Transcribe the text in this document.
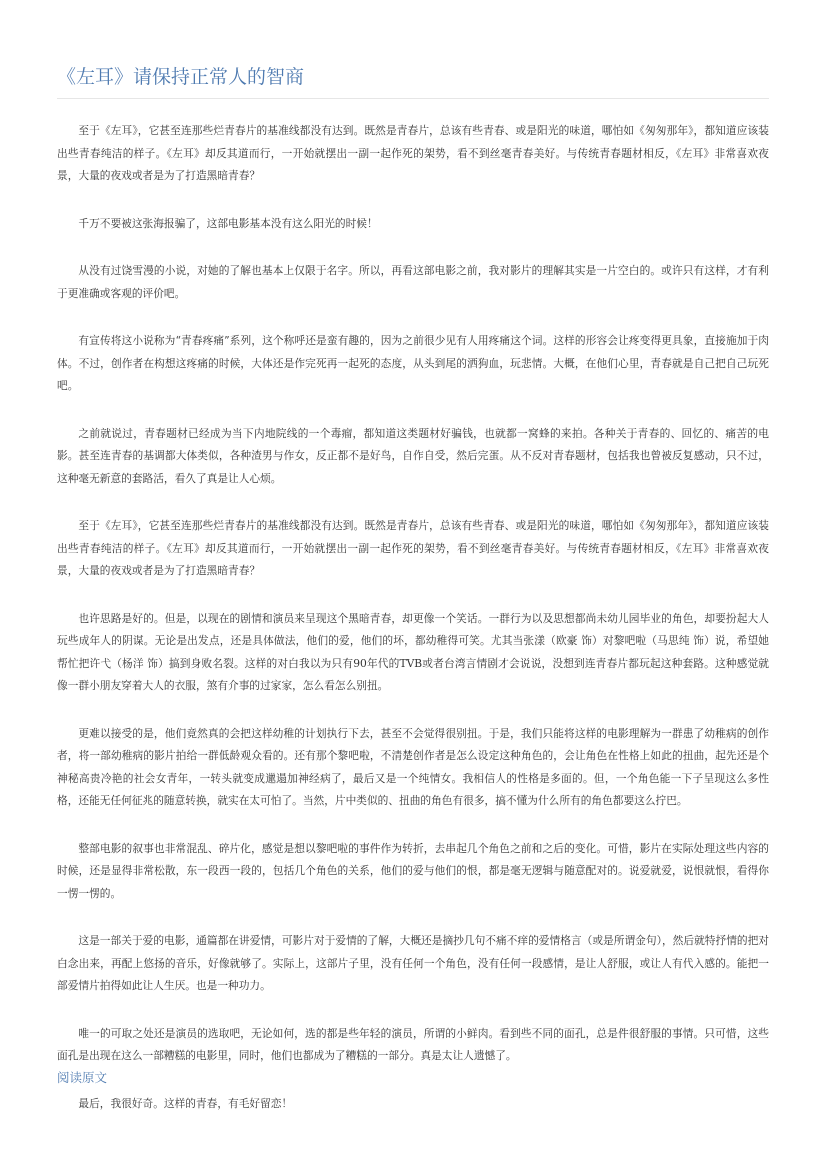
《左耳》请保持正常人的智商

至于《左耳》，它甚至连那些烂青春片的基准线都没有达到。既然是青春片，总该有些青春、或是阳光的味道，哪怕如《匆匆那年》，都知道应该装出些青春纯洁的样子。《左耳》却反其道而行，一开始就摆出一副一起作死的架势，看不到丝毫青春美好。与传统青春题材相反，《左耳》非常喜欢夜景，大量的夜戏或者是为了打造黑暗青春？

千万不要被这张海报骗了，这部电影基本没有这么阳光的时候！

从没有过饶雪漫的小说，对她的了解也基本上仅限于名字。所以，再看这部电影之前，我对影片的理解其实是一片空白的。或许只有这样，才有利于更准确或客观的评价吧。

有宣传将这小说称为“青春疼痛”系列，这个称呼还是蛮有趣的，因为之前很少见有人用疼痛这个词。这样的形容会让疼变得更具象，直接施加于肉体。不过，创作者在构想这疼痛的时候，大体还是作完死再一起死的态度，从头到尾的洒狗血，玩悲情。大概，在他们心里，青春就是自己把自己玩死吧。

之前就说过，青春题材已经成为当下内地院线的一个毒瘤，都知道这类题材好骗钱，也就都一窝蜂的来拍。各种关于青春的、回忆的、痛苦的电影。甚至连青春的基调都大体类似，各种渣男与作女，反正都不是好鸟，自作自受，然后完蛋。从不反对青春题材，包括我也曾被反复感动，只不过，这种毫无新意的套路活，看久了真是让人心烦。

至于《左耳》，它甚至连那些烂青春片的基准线都没有达到。既然是青春片，总该有些青春、或是阳光的味道，哪怕如《匆匆那年》，都知道应该装出些青春纯洁的样子。《左耳》却反其道而行，一开始就摆出一副一起作死的架势，看不到丝毫青春美好。与传统青春题材相反，《左耳》非常喜欢夜景，大量的夜戏或者是为了打造黑暗青春？

也许思路是好的。但是，以现在的剧情和演员来呈现这个黑暗青春，却更像一个笑话。一群行为以及思想都尚未幼儿园毕业的角色，却要扮起大人玩些成年人的阴谋。无论是出发点，还是具体做法，他们的爱，他们的坏，都幼稚得可笑。尤其当张漾（欧豪 饰）对黎吧啦（马思纯 饰）说，希望她帮忙把许弋（杨洋 饰）搞到身败名裂。这样的对白我以为只有90年代的TVB或者台湾言情剧才会说说，没想到连青春片都玩起这种套路。这种感觉就像一群小朋友穿着大人的衣服，煞有介事的过家家，怎么看怎么别扭。

更难以接受的是，他们竟然真的会把这样幼稚的计划执行下去，甚至不会觉得很别扭。于是，我们只能将这样的电影理解为一群患了幼稚病的创作者，将一部幼稚病的影片拍给一群低龄观众看的。还有那个黎吧啦，不清楚创作者是怎么设定这种角色的，会让角色在性格上如此的扭曲，起先还是个神秘高贵冷艳的社会女青年，一转头就变成邋遢加神经病了，最后又是一个纯情女。我相信人的性格是多面的。但，一个角色能一下子呈现这么多性格，还能无任何征兆的随意转换，就实在太可怕了。当然，片中类似的、扭曲的角色有很多，搞不懂为什么所有的角色都要这么拧巴。

整部电影的叙事也非常混乱、碎片化，感觉是想以黎吧啦的事件作为转折，去串起几个角色之前和之后的变化。可惜，影片在实际处理这些内容的时候，还是显得非常松散，东一段西一段的，包括几个角色的关系，他们的爱与他们的恨，都是毫无逻辑与随意配对的。说爱就爱，说恨就恨，看得你一愣一愣的。

这是一部关于爱的电影，通篇都在讲爱情，可影片对于爱情的了解，大概还是摘抄几句不痛不痒的爱情格言（或是所谓金句），然后就特抒情的把对白念出来，再配上悠扬的音乐，好像就够了。实际上，这部片子里，没有任何一个角色，没有任何一段感情，是让人舒服，或让人有代入感的。能把一部爱情片拍得如此让人生厌。也是一种功力。

唯一的可取之处还是演员的选取吧，无论如何，选的都是些年轻的演员，所谓的小鲜肉。看到些不同的面孔，总是件很舒服的事情。只可惜，这些面孔是出现在这么一部糟糕的电影里，同时，他们也都成为了糟糕的一部分。真是太让人遗憾了。

最后，我很好奇。这样的青春，有毛好留恋！

阅读原文
